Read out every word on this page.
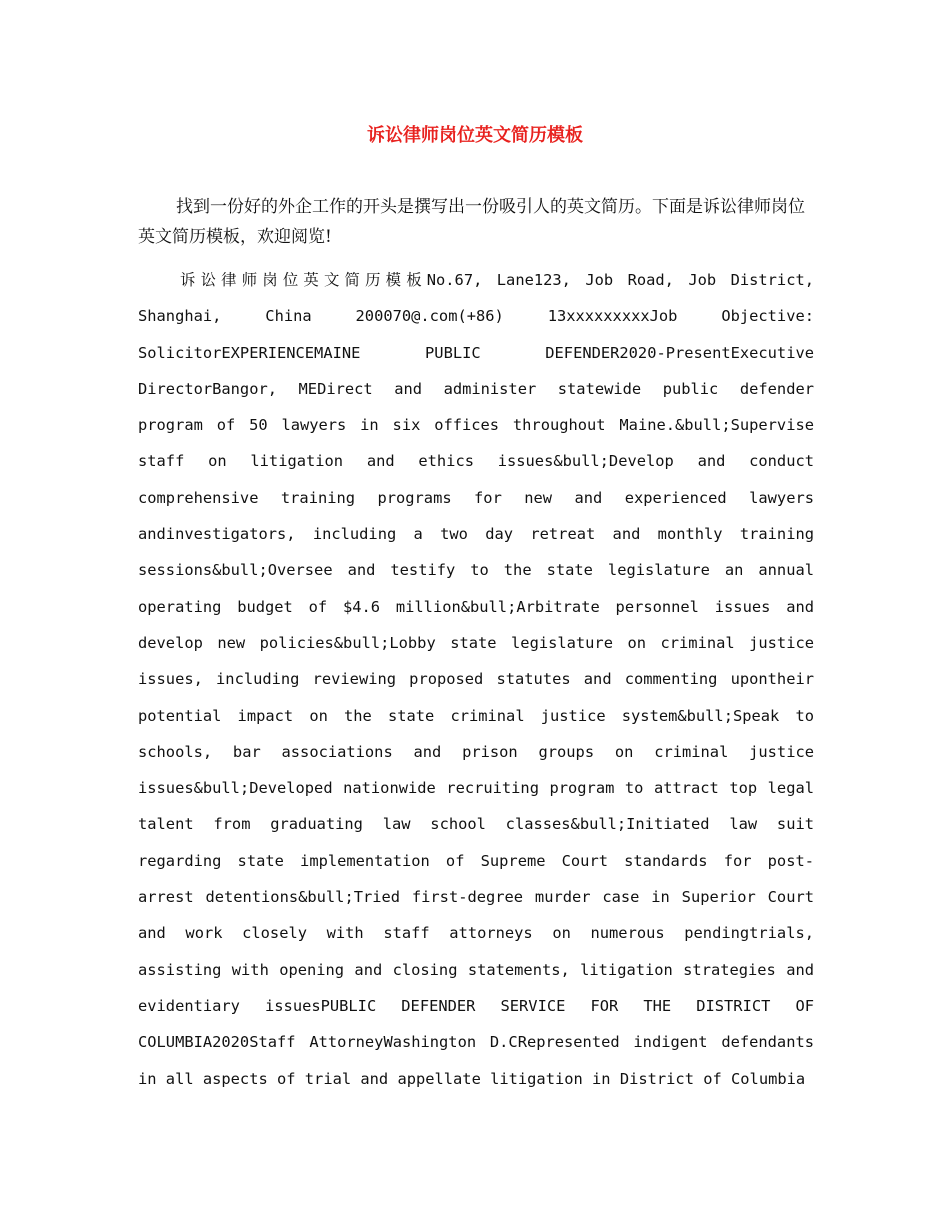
诉讼律师岗位英文简历模板
找到一份好的外企工作的开头是撰写出一份吸引人的英文简历。下面是诉讼律师岗位英文简历模板，欢迎阅览!
诉讼律师岗位英文简历模板No.67, Lane123, Job Road, Job District, Shanghai, China 200070@.com(+86) 13xxxxxxxxxJob Objective: SolicitorEXPERIENCEMAINE PUBLIC DEFENDER2020-PresentExecutive DirectorBangor, MEDirect and administer statewide public defender program of 50 lawyers in six offices throughout Maine.&bull;Supervise staff on litigation and ethics issues&bull;Develop and conduct comprehensive training programs for new and experienced lawyers andinvestigators, including a two day retreat and monthly training sessions&bull;Oversee and testify to the state legislature an annual operating budget of $4.6 million&bull;Arbitrate personnel issues and develop new policies&bull;Lobby state legislature on criminal justice issues, including reviewing proposed statutes and commenting upontheir potential impact on the state criminal justice system&bull;Speak to schools, bar associations and prison groups on criminal justice issues&bull;Developed nationwide recruiting program to attract top legal talent from graduating law school classes&bull;Initiated law suit regarding state implementation of Supreme Court standards for post-arrest detentions&bull;Tried first-degree murder case in Superior Court and work closely with staff attorneys on numerous pendingtrials, assisting with opening and closing statements, litigation strategies and evidentiary issuesPUBLIC DEFENDER SERVICE FOR THE DISTRICT OF COLUMBIA2020Staff AttorneyWashington D.CRepresented indigent defendants in all aspects of trial and appellate litigation in District of Columbia
